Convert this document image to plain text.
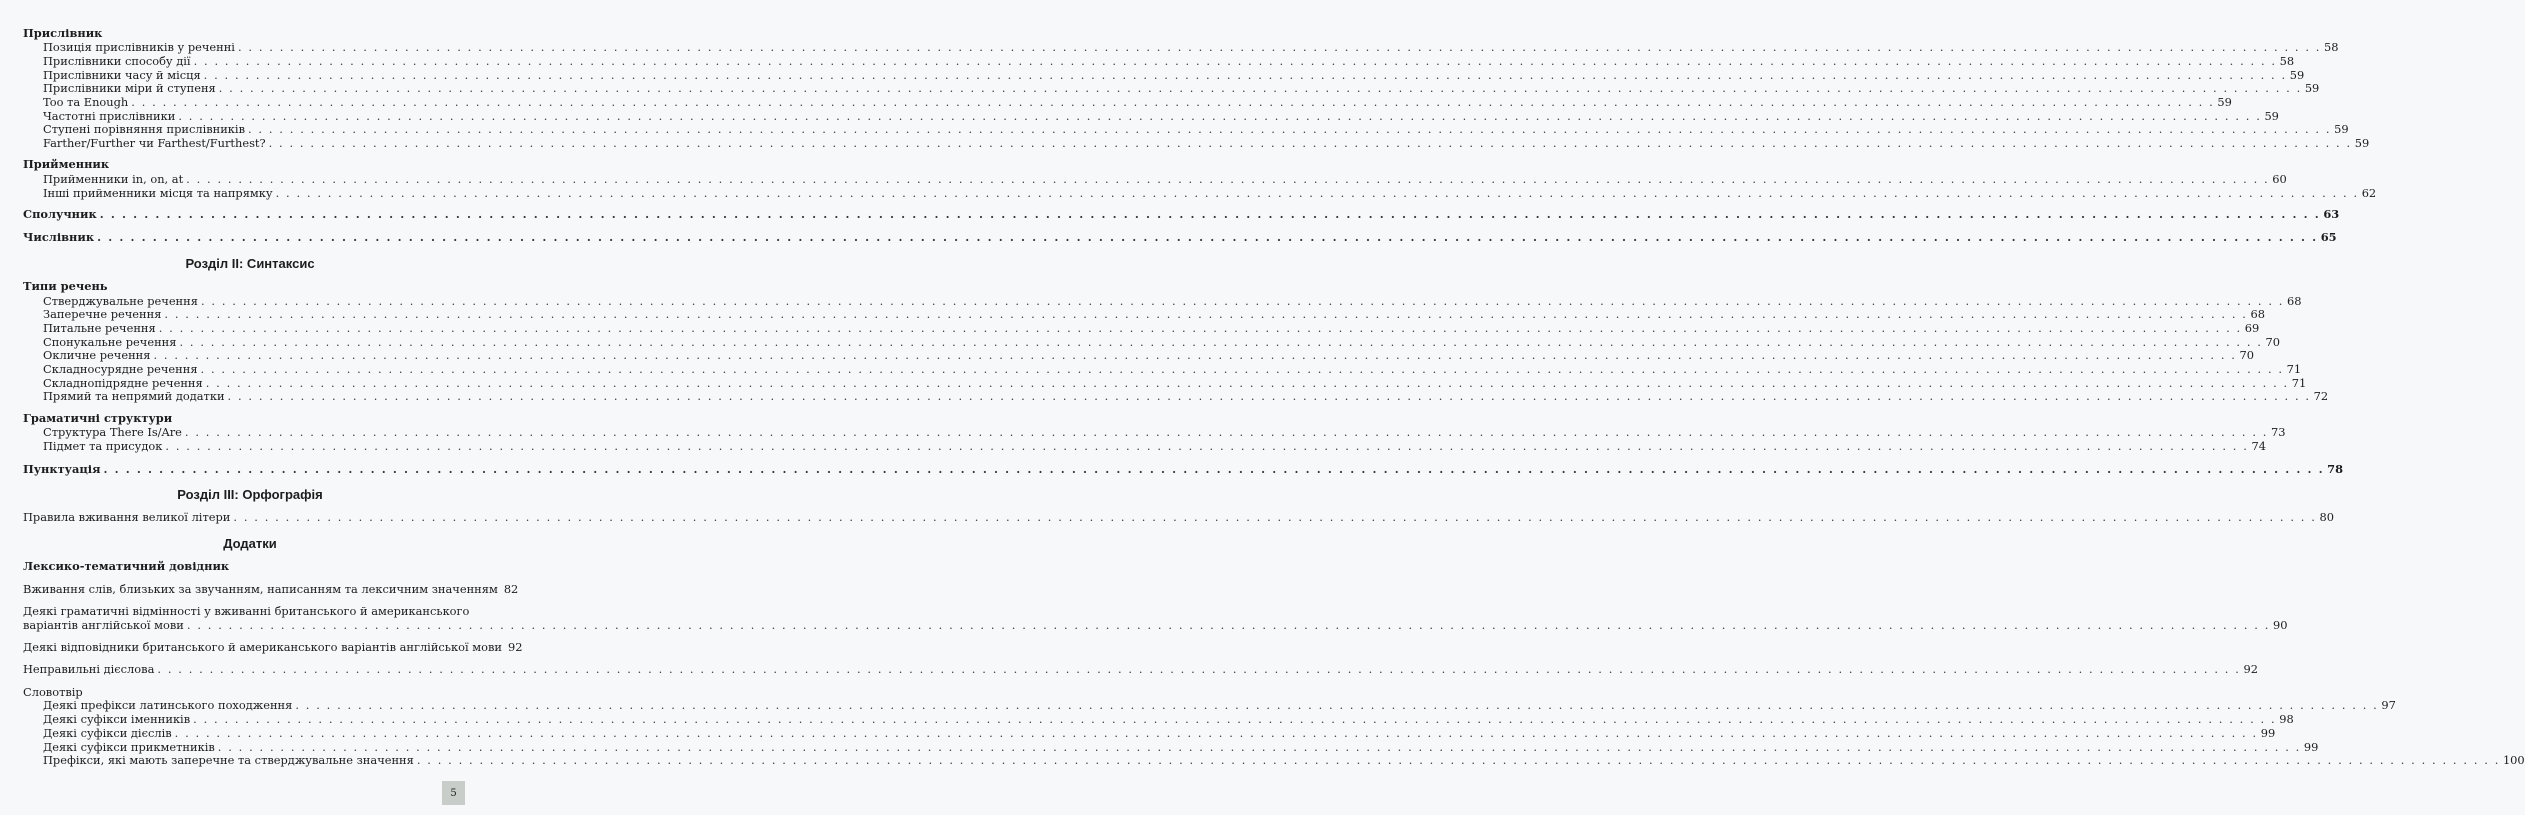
Прислівник
Позиція прислівників у реченні . . . . . . . . . . . . . . . . . . . . . . . . . . . . . . . . . . . . . . . . . . . . . . . . . . . . . . . . . . . . . . . . . . . . . . . . . . . . . . . . . . . . . . . . . . . . . . . . . . . . . . . . . . . . . . . . . . . . . . . . . . . . . . . . . . . . . . . . . . . . . . . . . . . . . . . . . . . . . . . . . . . . . . . . . . . . . . . . . . . . . . . . . . . . . . . . . . . . . . . . 58
Прислівники способу дії . . . . . . . . . . . . . . . . . . . . . . . . . . . . . . . . . . . . . . . . . . . . . . . . . . . . . . . . . . . . . . . . . . . . . . . . . . . . . . . . . . . . . . . . . . . . . . . . . . . . . . . . . . . . . . . . . . . . . . . . . . . . . . . . . . . . . . . . . . . . . . . . . . . . . . . . . . . . . . . . . . . . . . . . . . . . . . . . . . . . . . . . . . . . . . . . . . . . . . . . 58
Прислівники часу й місця . . . . . . . . . . . . . . . . . . . . . . . . . . . . . . . . . . . . . . . . . . . . . . . . . . . . . . . . . . . . . . . . . . . . . . . . . . . . . . . . . . . . . . . . . . . . . . . . . . . . . . . . . . . . . . . . . . . . . . . . . . . . . . . . . . . . . . . . . . . . . . . . . . . . . . . . . . . . . . . . . . . . . . . . . . . . . . . . . . . . . . . . . . . . . . . . . . . . . . . . 59
Прислівники міри й ступеня . . . . . . . . . . . . . . . . . . . . . . . . . . . . . . . . . . . . . . . . . . . . . . . . . . . . . . . . . . . . . . . . . . . . . . . . . . . . . . . . . . . . . . . . . . . . . . . . . . . . . . . . . . . . . . . . . . . . . . . . . . . . . . . . . . . . . . . . . . . . . . . . . . . . . . . . . . . . . . . . . . . . . . . . . . . . . . . . . . . . . . . . . . . . . . . . . . . . . . . . 59
Too та Enough . . . . . . . . . . . . . . . . . . . . . . . . . . . . . . . . . . . . . . . . . . . . . . . . . . . . . . . . . . . . . . . . . . . . . . . . . . . . . . . . . . . . . . . . . . . . . . . . . . . . . . . . . . . . . . . . . . . . . . . . . . . . . . . . . . . . . . . . . . . . . . . . . . . . . . . . . . . . . . . . . . . . . . . . . . . . . . . . . . . . . . . . . . . . . . . . . . . . . . . . 59
Частотні прислівники . . . . . . . . . . . . . . . . . . . . . . . . . . . . . . . . . . . . . . . . . . . . . . . . . . . . . . . . . . . . . . . . . . . . . . . . . . . . . . . . . . . . . . . . . . . . . . . . . . . . . . . . . . . . . . . . . . . . . . . . . . . . . . . . . . . . . . . . . . . . . . . . . . . . . . . . . . . . . . . . . . . . . . . . . . . . . . . . . . . . . . . . . . . . . . . . . . . . . . . . 59
Ступені порівняння прислівників . . . . . . . . . . . . . . . . . . . . . . . . . . . . . . . . . . . . . . . . . . . . . . . . . . . . . . . . . . . . . . . . . . . . . . . . . . . . . . . . . . . . . . . . . . . . . . . . . . . . . . . . . . . . . . . . . . . . . . . . . . . . . . . . . . . . . . . . . . . . . . . . . . . . . . . . . . . . . . . . . . . . . . . . . . . . . . . . . . . . . . . . . . . . . . . . . . . . . . . . 59
Farther/Further чи Farthest/Furthest? . . . . . . . . . . . . . . . . . . . . . . . . . . . . . . . . . . . . . . . . . . . . . . . . . . . . . . . . . . . . . . . . . . . . . . . . . . . . . . . . . . . . . . . . . . . . . . . . . . . . . . . . . . . . . . . . . . . . . . . . . . . . . . . . . . . . . . . . . . . . . . . . . . . . . . . . . . . . . . . . . . . . . . . . . . . . . . . . . . . . . . . . . . . . . . . . . . . . . . . . 59
Прийменник
Прийменники in, on, at . . . . . . . . . . . . . . . . . . . . . . . . . . . . . . . . . . . . . . . . . . . . . . . . . . . . . . . . . . . . . . . . . . . . . . . . . . . . . . . . . . . . . . . . . . . . . . . . . . . . . . . . . . . . . . . . . . . . . . . . . . . . . . . . . . . . . . . . . . . . . . . . . . . . . . . . . . . . . . . . . . . . . . . . . . . . . . . . . . . . . . . . . . . . . . . . . . . . . . . . 60
Інші прийменники місця та напрямку . . . . . . . . . . . . . . . . . . . . . . . . . . . . . . . . . . . . . . . . . . . . . . . . . . . . . . . . . . . . . . . . . . . . . . . . . . . . . . . . . . . . . . . . . . . . . . . . . . . . . . . . . . . . . . . . . . . . . . . . . . . . . . . . . . . . . . . . . . . . . . . . . . . . . . . . . . . . . . . . . . . . . . . . . . . . . . . . . . . . . . . . . . . . . . . . . . . . . . . . 62
Сполучник . . . . . . . . . . . . . . . . . . . . . . . . . . . . . . . . . . . . . . . . . . . . . . . . . . . . . . . . . . . . . . . . . . . . . . . . . . . . . . . . . . . . . . . . . . . . . . . . . . . . . . . . . . . . . . . . . . . . . . . . . . . . . . . . . . . . . . . . . . . . . . . . . . . . . . . . . . . . . . . . . . . . . . . . . . . . . . . . . . . . . . . . . . . . . . . . . . . . . . . . 63
Числівник . . . . . . . . . . . . . . . . . . . . . . . . . . . . . . . . . . . . . . . . . . . . . . . . . . . . . . . . . . . . . . . . . . . . . . . . . . . . . . . . . . . . . . . . . . . . . . . . . . . . . . . . . . . . . . . . . . . . . . . . . . . . . . . . . . . . . . . . . . . . . . . . . . . . . . . . . . . . . . . . . . . . . . . . . . . . . . . . . . . . . . . . . . . . . . . . . . . . . . . . 65
Розділ II: Синтаксис
Типи речень
Стверджувальне речення . . . . . . . . . . . . . . . . . . . . . . . . . . . . . . . . . . . . . . . . . . . . . . . . . . . . . . . . . . . . . . . . . . . . . . . . . . . . . . . . . . . . . . . . . . . . . . . . . . . . . . . . . . . . . . . . . . . . . . . . . . . . . . . . . . . . . . . . . . . . . . . . . . . . . . . . . . . . . . . . . . . . . . . . . . . . . . . . . . . . . . . . . . . . . . . . . . . . . . . . 68
Заперечне речення . . . . . . . . . . . . . . . . . . . . . . . . . . . . . . . . . . . . . . . . . . . . . . . . . . . . . . . . . . . . . . . . . . . . . . . . . . . . . . . . . . . . . . . . . . . . . . . . . . . . . . . . . . . . . . . . . . . . . . . . . . . . . . . . . . . . . . . . . . . . . . . . . . . . . . . . . . . . . . . . . . . . . . . . . . . . . . . . . . . . . . . . . . . . . . . . . . . . . . . . 68
Питальне речення . . . . . . . . . . . . . . . . . . . . . . . . . . . . . . . . . . . . . . . . . . . . . . . . . . . . . . . . . . . . . . . . . . . . . . . . . . . . . . . . . . . . . . . . . . . . . . . . . . . . . . . . . . . . . . . . . . . . . . . . . . . . . . . . . . . . . . . . . . . . . . . . . . . . . . . . . . . . . . . . . . . . . . . . . . . . . . . . . . . . . . . . . . . . . . . . . . . . . . . . 69
Спонукальне речення . . . . . . . . . . . . . . . . . . . . . . . . . . . . . . . . . . . . . . . . . . . . . . . . . . . . . . . . . . . . . . . . . . . . . . . . . . . . . . . . . . . . . . . . . . . . . . . . . . . . . . . . . . . . . . . . . . . . . . . . . . . . . . . . . . . . . . . . . . . . . . . . . . . . . . . . . . . . . . . . . . . . . . . . . . . . . . . . . . . . . . . . . . . . . . . . . . . . . . . . 70
Окличне речення . . . . . . . . . . . . . . . . . . . . . . . . . . . . . . . . . . . . . . . . . . . . . . . . . . . . . . . . . . . . . . . . . . . . . . . . . . . . . . . . . . . . . . . . . . . . . . . . . . . . . . . . . . . . . . . . . . . . . . . . . . . . . . . . . . . . . . . . . . . . . . . . . . . . . . . . . . . . . . . . . . . . . . . . . . . . . . . . . . . . . . . . . . . . . . . . . . . . . . . . 70
Складносурядне речення . . . . . . . . . . . . . . . . . . . . . . . . . . . . . . . . . . . . . . . . . . . . . . . . . . . . . . . . . . . . . . . . . . . . . . . . . . . . . . . . . . . . . . . . . . . . . . . . . . . . . . . . . . . . . . . . . . . . . . . . . . . . . . . . . . . . . . . . . . . . . . . . . . . . . . . . . . . . . . . . . . . . . . . . . . . . . . . . . . . . . . . . . . . . . . . . . . . . . . . . 71
Складнопідрядне речення . . . . . . . . . . . . . . . . . . . . . . . . . . . . . . . . . . . . . . . . . . . . . . . . . . . . . . . . . . . . . . . . . . . . . . . . . . . . . . . . . . . . . . . . . . . . . . . . . . . . . . . . . . . . . . . . . . . . . . . . . . . . . . . . . . . . . . . . . . . . . . . . . . . . . . . . . . . . . . . . . . . . . . . . . . . . . . . . . . . . . . . . . . . . . . . . . . . . . . . . 71
Прямий та непрямий додатки . . . . . . . . . . . . . . . . . . . . . . . . . . . . . . . . . . . . . . . . . . . . . . . . . . . . . . . . . . . . . . . . . . . . . . . . . . . . . . . . . . . . . . . . . . . . . . . . . . . . . . . . . . . . . . . . . . . . . . . . . . . . . . . . . . . . . . . . . . . . . . . . . . . . . . . . . . . . . . . . . . . . . . . . . . . . . . . . . . . . . . . . . . . . . . . . . . . . . . . . 72
Граматичні структури
Структура There Is/Are . . . . . . . . . . . . . . . . . . . . . . . . . . . . . . . . . . . . . . . . . . . . . . . . . . . . . . . . . . . . . . . . . . . . . . . . . . . . . . . . . . . . . . . . . . . . . . . . . . . . . . . . . . . . . . . . . . . . . . . . . . . . . . . . . . . . . . . . . . . . . . . . . . . . . . . . . . . . . . . . . . . . . . . . . . . . . . . . . . . . . . . . . . . . . . . . . . . . . . . . 73
Підмет та присудок . . . . . . . . . . . . . . . . . . . . . . . . . . . . . . . . . . . . . . . . . . . . . . . . . . . . . . . . . . . . . . . . . . . . . . . . . . . . . . . . . . . . . . . . . . . . . . . . . . . . . . . . . . . . . . . . . . . . . . . . . . . . . . . . . . . . . . . . . . . . . . . . . . . . . . . . . . . . . . . . . . . . . . . . . . . . . . . . . . . . . . . . . . . . . . . . . . . . . . . . 74
Пунктуація . . . . . . . . . . . . . . . . . . . . . . . . . . . . . . . . . . . . . . . . . . . . . . . . . . . . . . . . . . . . . . . . . . . . . . . . . . . . . . . . . . . . . . . . . . . . . . . . . . . . . . . . . . . . . . . . . . . . . . . . . . . . . . . . . . . . . . . . . . . . . . . . . . . . . . . . . . . . . . . . . . . . . . . . . . . . . . . . . . . . . . . . . . . . . . . . . . . . . . . . 78
Розділ III: Орфографія
Правила вживання великої літери . . . . . . . . . . . . . . . . . . . . . . . . . . . . . . . . . . . . . . . . . . . . . . . . . . . . . . . . . . . . . . . . . . . . . . . . . . . . . . . . . . . . . . . . . . . . . . . . . . . . . . . . . . . . . . . . . . . . . . . . . . . . . . . . . . . . . . . . . . . . . . . . . . . . . . . . . . . . . . . . . . . . . . . . . . . . . . . . . . . . . . . . . . . . . . . . . . . . . . . . 80
Додатки
Лексико-тематичний довідник
Вживання слів, близьких за звучанням, написанням та лексичним значенням 82
Деякі граматичні відмінності у вживанні британського й американського
варіантів англійської мови . . . . . . . . . . . . . . . . . . . . . . . . . . . . . . . . . . . . . . . . . . . . . . . . . . . . . . . . . . . . . . . . . . . . . . . . . . . . . . . . . . . . . . . . . . . . . . . . . . . . . . . . . . . . . . . . . . . . . . . . . . . . . . . . . . . . . . . . . . . . . . . . . . . . . . . . . . . . . . . . . . . . . . . . . . . . . . . . . . . . . . . . . . . . . . . . . . . . . . . . 90
Деякі відповідники британського й американського варіантів англійської мови 92
Неправильні дієслова . . . . . . . . . . . . . . . . . . . . . . . . . . . . . . . . . . . . . . . . . . . . . . . . . . . . . . . . . . . . . . . . . . . . . . . . . . . . . . . . . . . . . . . . . . . . . . . . . . . . . . . . . . . . . . . . . . . . . . . . . . . . . . . . . . . . . . . . . . . . . . . . . . . . . . . . . . . . . . . . . . . . . . . . . . . . . . . . . . . . . . . . . . . . . . . . . . . . . . . . 92
Словотвір
Деякі префікси латинського походження . . . . . . . . . . . . . . . . . . . . . . . . . . . . . . . . . . . . . . . . . . . . . . . . . . . . . . . . . . . . . . . . . . . . . . . . . . . . . . . . . . . . . . . . . . . . . . . . . . . . . . . . . . . . . . . . . . . . . . . . . . . . . . . . . . . . . . . . . . . . . . . . . . . . . . . . . . . . . . . . . . . . . . . . . . . . . . . . . . . . . . . . . . . . . . . . . . . . . . . . 97
Деякі суфікси іменників . . . . . . . . . . . . . . . . . . . . . . . . . . . . . . . . . . . . . . . . . . . . . . . . . . . . . . . . . . . . . . . . . . . . . . . . . . . . . . . . . . . . . . . . . . . . . . . . . . . . . . . . . . . . . . . . . . . . . . . . . . . . . . . . . . . . . . . . . . . . . . . . . . . . . . . . . . . . . . . . . . . . . . . . . . . . . . . . . . . . . . . . . . . . . . . . . . . . . . . . 98
Деякі суфікси дієслів . . . . . . . . . . . . . . . . . . . . . . . . . . . . . . . . . . . . . . . . . . . . . . . . . . . . . . . . . . . . . . . . . . . . . . . . . . . . . . . . . . . . . . . . . . . . . . . . . . . . . . . . . . . . . . . . . . . . . . . . . . . . . . . . . . . . . . . . . . . . . . . . . . . . . . . . . . . . . . . . . . . . . . . . . . . . . . . . . . . . . . . . . . . . . . . . . . . . . . . . 99
Деякі суфікси прикметників . . . . . . . . . . . . . . . . . . . . . . . . . . . . . . . . . . . . . . . . . . . . . . . . . . . . . . . . . . . . . . . . . . . . . . . . . . . . . . . . . . . . . . . . . . . . . . . . . . . . . . . . . . . . . . . . . . . . . . . . . . . . . . . . . . . . . . . . . . . . . . . . . . . . . . . . . . . . . . . . . . . . . . . . . . . . . . . . . . . . . . . . . . . . . . . . . . . . . . . . 99
Префікси, які мають заперечне та стверджувальне значення . . . . . . . . . . . . . . . . . . . . . . . . . . . . . . . . . . . . . . . . . . . . . . . . . . . . . . . . . . . . . . . . . . . . . . . . . . . . . . . . . . . . . . . . . . . . . . . . . . . . . . . . . . . . . . . . . . . . . . . . . . . . . . . . . . . . . . . . . . . . . . . . . . . . . . . . . . . . . . . . . . . . . . . . . . . . . . . . . . . . . . . . . . . . . . . . . . . . . . . . 100
5
